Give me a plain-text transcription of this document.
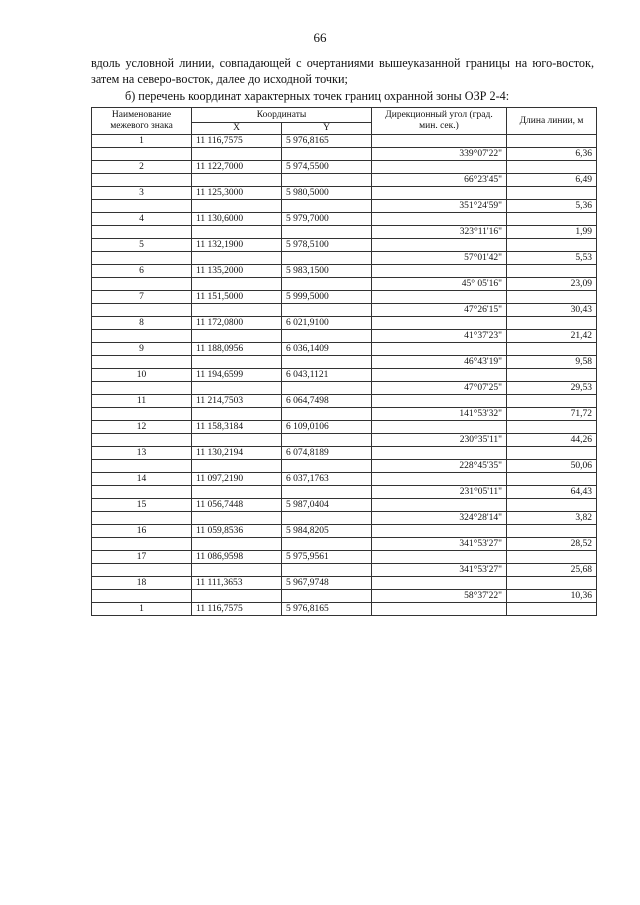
66
вдоль условной линии, совпадающей с очертаниями вышеуказанной границы на юго-восток, затем на северо-восток, далее до исходной точки;
б) перечень координат характерных точек границ охранной зоны ОЗР 2-4:
Наименование межевого знака	Координаты		Дирекционный угол (град. мин. сек.)	Длина линии, м
	X	Y		
1	11 116,7575	5 976,8165		
			339°07'22"	6,36
2	11 122,7000	5 974,5500		
			66°23'45"	6,49
3	11 125,3000	5 980,5000		
			351°24'59"	5,36
4	11 130,6000	5 979,7000		
			323°11'16"	1,99
5	11 132,1900	5 978,5100		
			57°01'42"	5,53
6	11 135,2000	5 983,1500		
			45° 05'16"	23,09
7	11 151,5000	5 999,5000		
			47°26'15"	30,43
8	11 172,0800	6 021,9100		
			41°37'23"	21,42
9	11 188,0956	6 036,1409		
			46°43'19"	9,58
10	11 194,6599	6 043,1121		
			47°07'25"	29,53
11	11 214,7503	6 064,7498		
			141°53'32"	71,72
12	11 158,3184	6 109,0106		
			230°35'11"	44,26
13	11 130,2194	6 074,8189		
			228°45'35"	50,06
14	11 097,2190	6 037,1763		
			231°05'11"	64,43
15	11 056,7448	5 987,0404		
			324°28'14"	3,82
16	11 059,8536	5 984,8205		
			341°53'27"	28,52
17	11 086,9598	5 975,9561		
			341°53'27"	25,68
18	11 111,3653	5 967,9748		
			58°37'22"	10,36
1	11 116,7575	5 976,8165		
